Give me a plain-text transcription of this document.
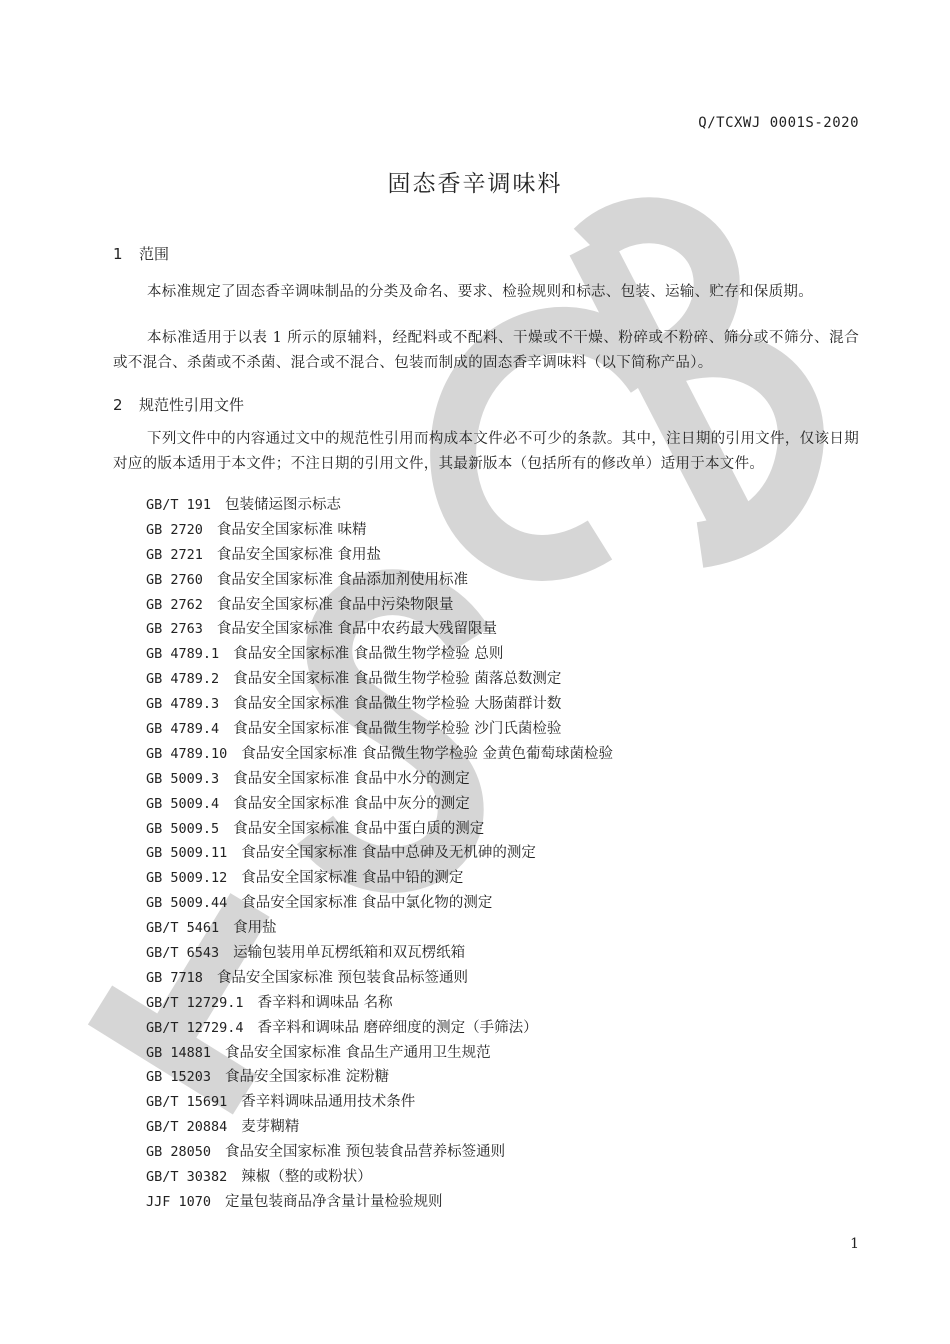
Q/TCXWJ 0001S-2020
固态香辛调味料
1 范围
本标准规定了固态香辛调味制品的分类及命名、要求、检验规则和标志、包装、运输、贮存和保质期。
本标准适用于以表 1 所示的原辅料，经配料或不配料、干燥或不干燥、粉碎或不粉碎、筛分或不筛分、混合或不混合、杀菌或不杀菌、混合或不混合、包装而制成的固态香辛调味料（以下简称产品）。
2 规范性引用文件
下列文件中的内容通过文中的规范性引用而构成本文件必不可少的条款。其中，注日期的引用文件，仅该日期对应的版本适用于本文件；不注日期的引用文件，其最新版本（包括所有的修改单）适用于本文件。
GB/T 191 包装储运图示标志
GB 2720 食品安全国家标准 味精
GB 2721 食品安全国家标准 食用盐
GB 2760 食品安全国家标准 食品添加剂使用标准
GB 2762 食品安全国家标准 食品中污染物限量
GB 2763 食品安全国家标准 食品中农药最大残留限量
GB 4789.1 食品安全国家标准 食品微生物学检验 总则
GB 4789.2 食品安全国家标准 食品微生物学检验 菌落总数测定
GB 4789.3 食品安全国家标准 食品微生物学检验 大肠菌群计数
GB 4789.4 食品安全国家标准 食品微生物学检验 沙门氏菌检验
GB 4789.10 食品安全国家标准 食品微生物学检验 金黄色葡萄球菌检验
GB 5009.3 食品安全国家标准 食品中水分的测定
GB 5009.4 食品安全国家标准 食品中灰分的测定
GB 5009.5 食品安全国家标准 食品中蛋白质的测定
GB 5009.11 食品安全国家标准 食品中总砷及无机砷的测定
GB 5009.12 食品安全国家标准 食品中铅的测定
GB 5009.44 食品安全国家标准 食品中氯化物的测定
GB/T 5461 食用盐
GB/T 6543 运输包装用单瓦楞纸箱和双瓦楞纸箱
GB 7718 食品安全国家标准 预包装食品标签通则
GB/T 12729.1 香辛料和调味品 名称
GB/T 12729.4 香辛料和调味品 磨碎细度的测定（手筛法）
GB 14881 食品安全国家标准 食品生产通用卫生规范
GB 15203 食品安全国家标准 淀粉糖
GB/T 15691 香辛料调味品通用技术条件
GB/T 20884 麦芽糊精
GB 28050 食品安全国家标准 预包装食品营养标签通则
GB/T 30382 辣椒（整的或粉状）
JJF 1070 定量包装商品净含量计量检验规则
1
